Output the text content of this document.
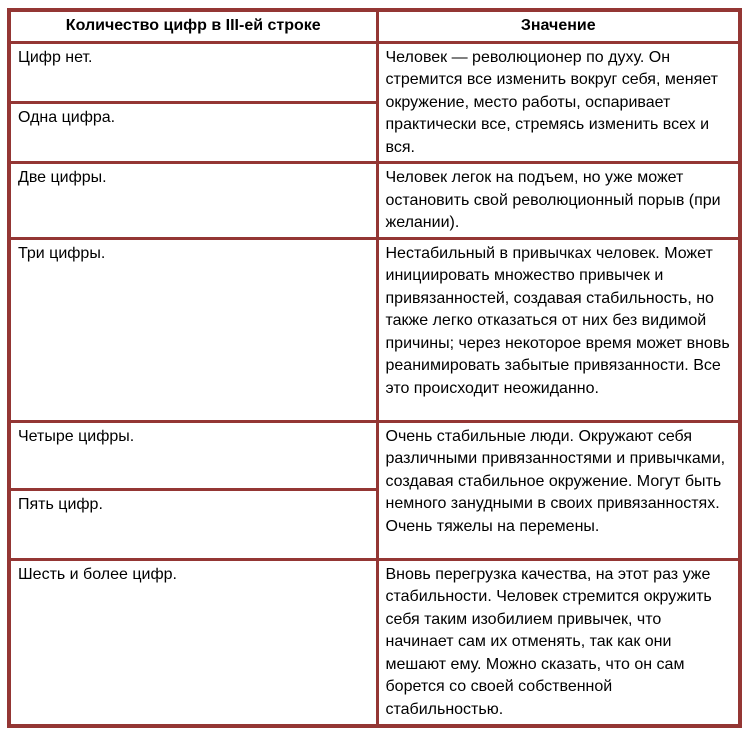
Количество цифр в III-ей строке	Значение
Цифр нет.	Человек — революционер по духу. Он стремится все изменить вокруг себя, меняет окружение, место работы, оспаривает практически все, стремясь изменить всех и вся.
Одна цифра.	
Две цифры.	Человек легок на подъем, но уже может остановить свой революционный порыв (при желании).
Три цифры.	Нестабильный в привычках человек. Может инициировать множество привычек и привязанностей, создавая стабильность, но также легко отказаться от них без видимой причины; через некоторое время может вновь реанимировать забытые привязанности. Все это происходит неожиданно.
Четыре цифры.	Очень стабильные люди. Окружают себя различными привязанностями и привычками, создавая стабильное окружение. Могут быть немного занудными в своих привязанностях. Очень тяжелы на перемены.
Пять цифр.	
Шесть и более цифр.	Вновь перегрузка качества, на этот раз уже стабильности. Человек стремится окружить себя таким изобилием привычек, что начинает сам их отменять, так как они мешают ему. Можно сказать, что он сам борется со своей собственной стабильностью.
